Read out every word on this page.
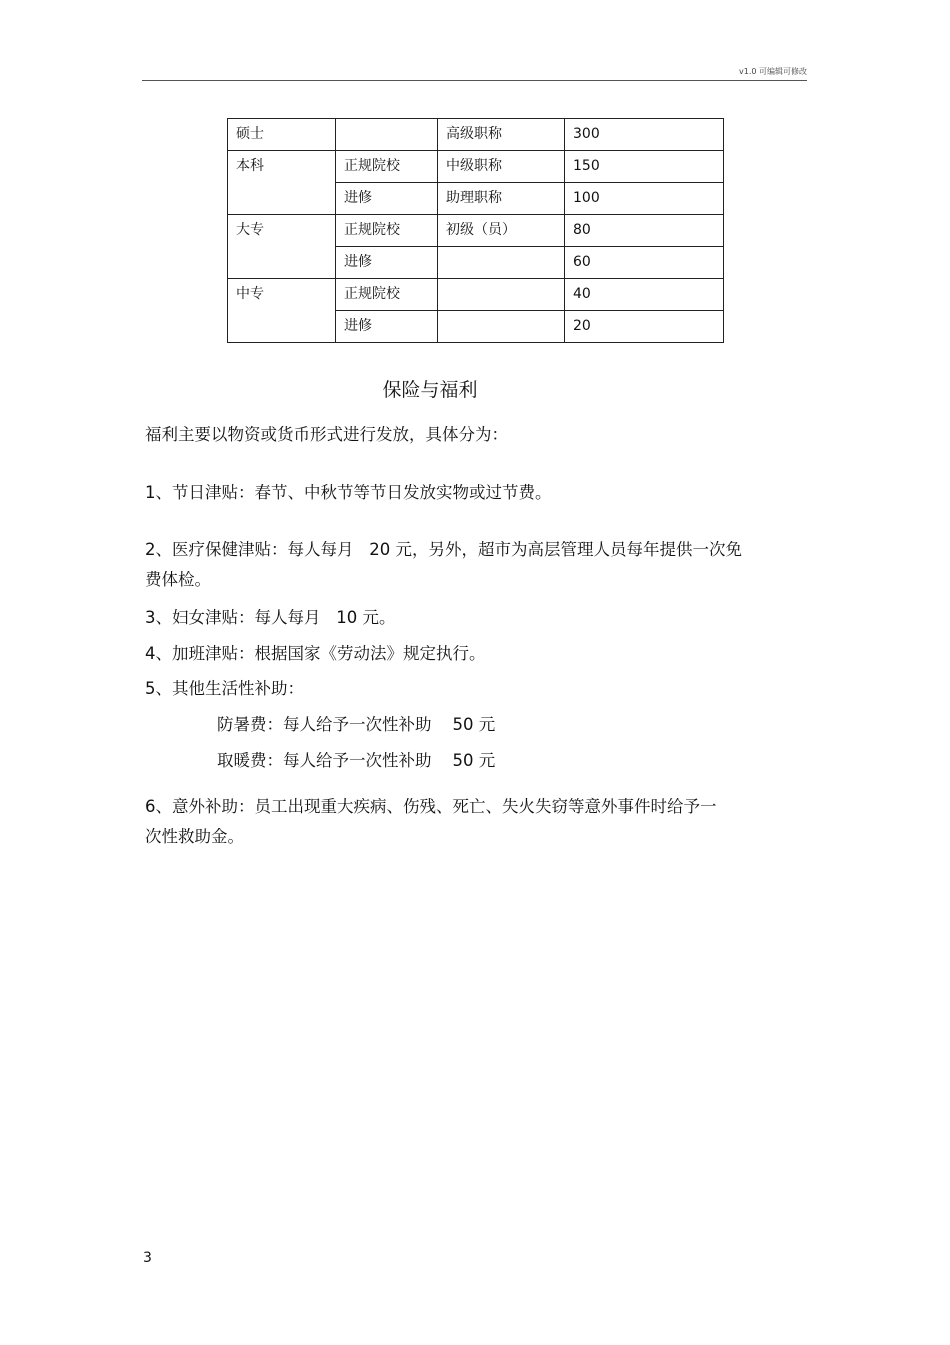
v1.0 可编辑可修改
硕士		高级职称	300
本科	正规院校	中级职称	150
	进修	助理职称	100
大专	正规院校	初级（员）	80
	进修		60
中专	正规院校		40
	进修		20
保险与福利
福利主要以物资或货币形式进行发放，具体分为：
1、节日津贴：春节、中秋节等节日发放实物或过节费。
2、医疗保健津贴：每人每月   20 元，另外，超市为高层管理人员每年提供一次免
费体检。
3、妇女津贴：每人每月   10 元。
4、加班津贴：根据国家《劳动法》规定执行。
5、其他生活性补助：
防暑费：每人给予一次性补助    50 元
取暖费：每人给予一次性补助    50 元
6、意外补助：员工出现重大疾病、伤残、死亡、失火失窃等意外事件时给予一
次性救助金。
3
